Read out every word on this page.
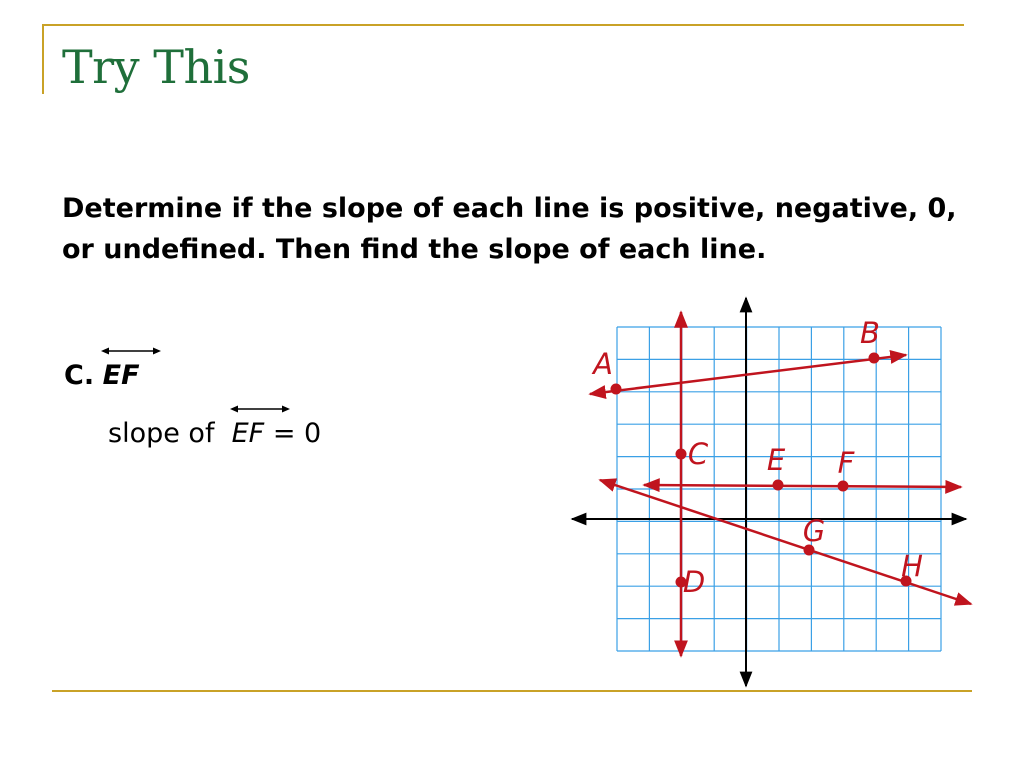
Try This

Determine if the slope of each line is positive, negative, 0, or undefined. Then find the slope of each line.

C. EF
slope of EF = 0
A
B
C
D
E F
G
H
